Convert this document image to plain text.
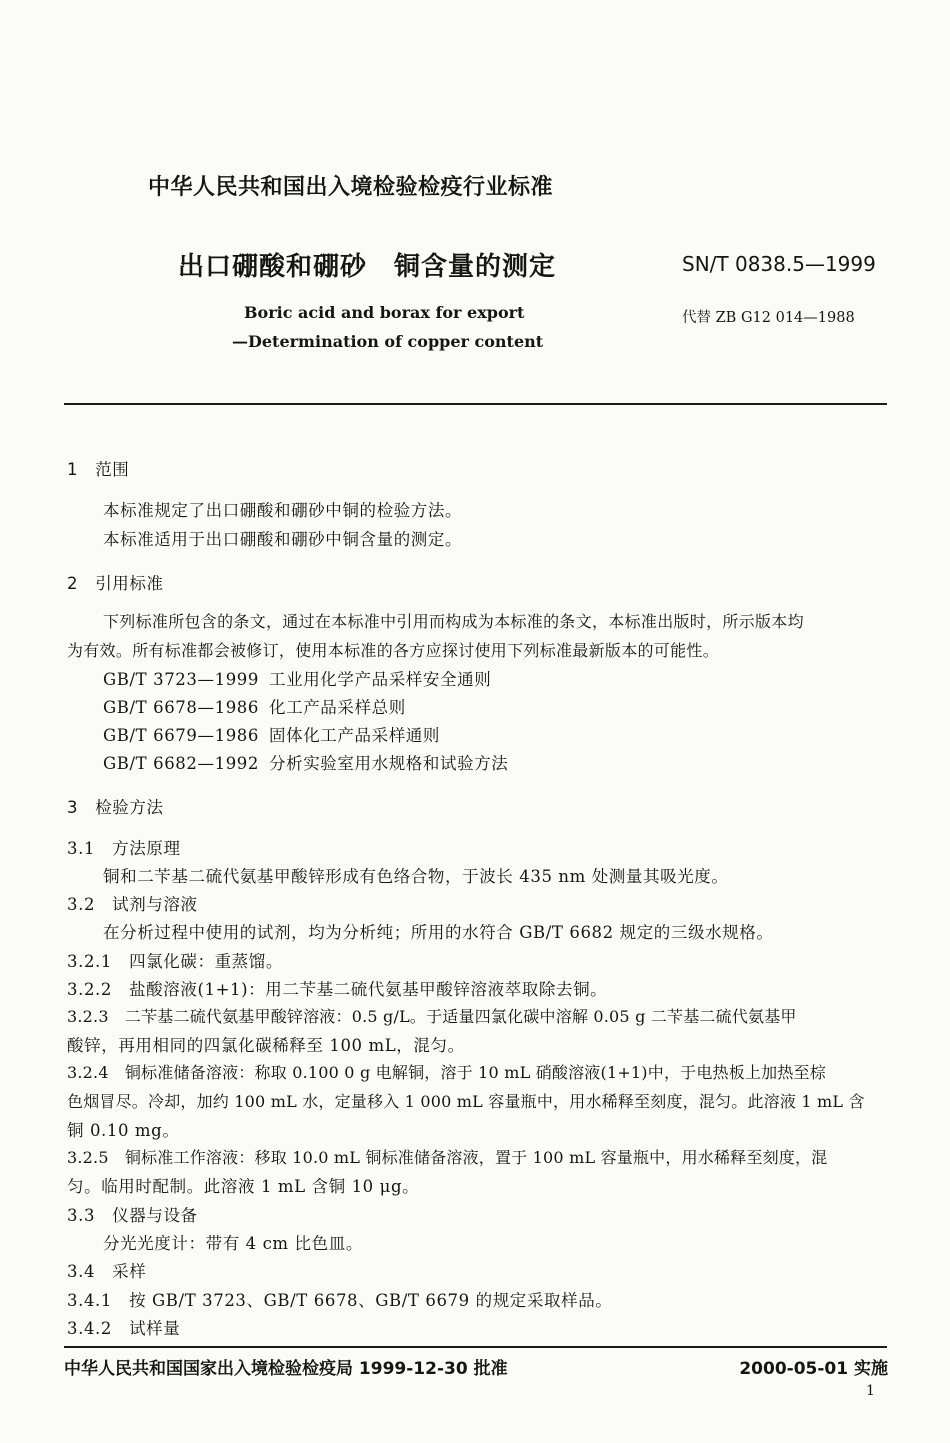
中华人民共和国出入境检验检疫行业标准
出口硼酸和硼砂　铜含量的测定	SN/T 0838.5—1999
Boric acid and borax for export
—Determination of copper content
代替 ZB G12 014—1988
1　范围
本标准规定了出口硼酸和硼砂中铜的检验方法。
本标准适用于出口硼酸和硼砂中铜含量的测定。
2　引用标准
下列标准所包含的条文，通过在本标准中引用而构成为本标准的条文，本标准出版时，所示版本均
为有效。所有标准都会被修订，使用本标准的各方应探讨使用下列标准最新版本的可能性。
GB/T 3723—1999 工业用化学产品采样安全通则
GB/T 6678—1986 化工产品采样总则
GB/T 6679—1986 固体化工产品采样通则
GB/T 6682—1992 分析实验室用水规格和试验方法
3　检验方法
3.1　方法原理
铜和二苄基二硫代氨基甲酸锌形成有色络合物，于波长 435 nm 处测量其吸光度。
3.2　试剂与溶液
在分析过程中使用的试剂，均为分析纯；所用的水符合 GB/T 6682 规定的三级水规格。
3.2.1　四氯化碳：重蒸馏。
3.2.2　盐酸溶液(1+1)：用二苄基二硫代氨基甲酸锌溶液萃取除去铜。
3.2.3　二苄基二硫代氨基甲酸锌溶液：0.5 g/L。于适量四氯化碳中溶解 0.05 g 二苄基二硫代氨基甲
酸锌，再用相同的四氯化碳稀释至 100 mL，混匀。
3.2.4　铜标准储备溶液：称取 0.100 0 g 电解铜，溶于 10 mL 硝酸溶液(1+1)中，于电热板上加热至棕
色烟冒尽。冷却，加约 100 mL 水，定量移入 1 000 mL 容量瓶中，用水稀释至刻度，混匀。此溶液 1 mL 含
铜 0.10 mg。
3.2.5　铜标准工作溶液：移取 10.0 mL 铜标准储备溶液，置于 100 mL 容量瓶中，用水稀释至刻度，混
匀。临用时配制。此溶液 1 mL 含铜 10 μg。
3.3　仪器与设备
分光光度计：带有 4 cm 比色皿。
3.4　采样
3.4.1　按 GB/T 3723、GB/T 6678、GB/T 6679 的规定采取样品。
3.4.2　试样量
中华人民共和国国家出入境检验检疫局 1999-12-30 批准	2000-05-01 实施
1
